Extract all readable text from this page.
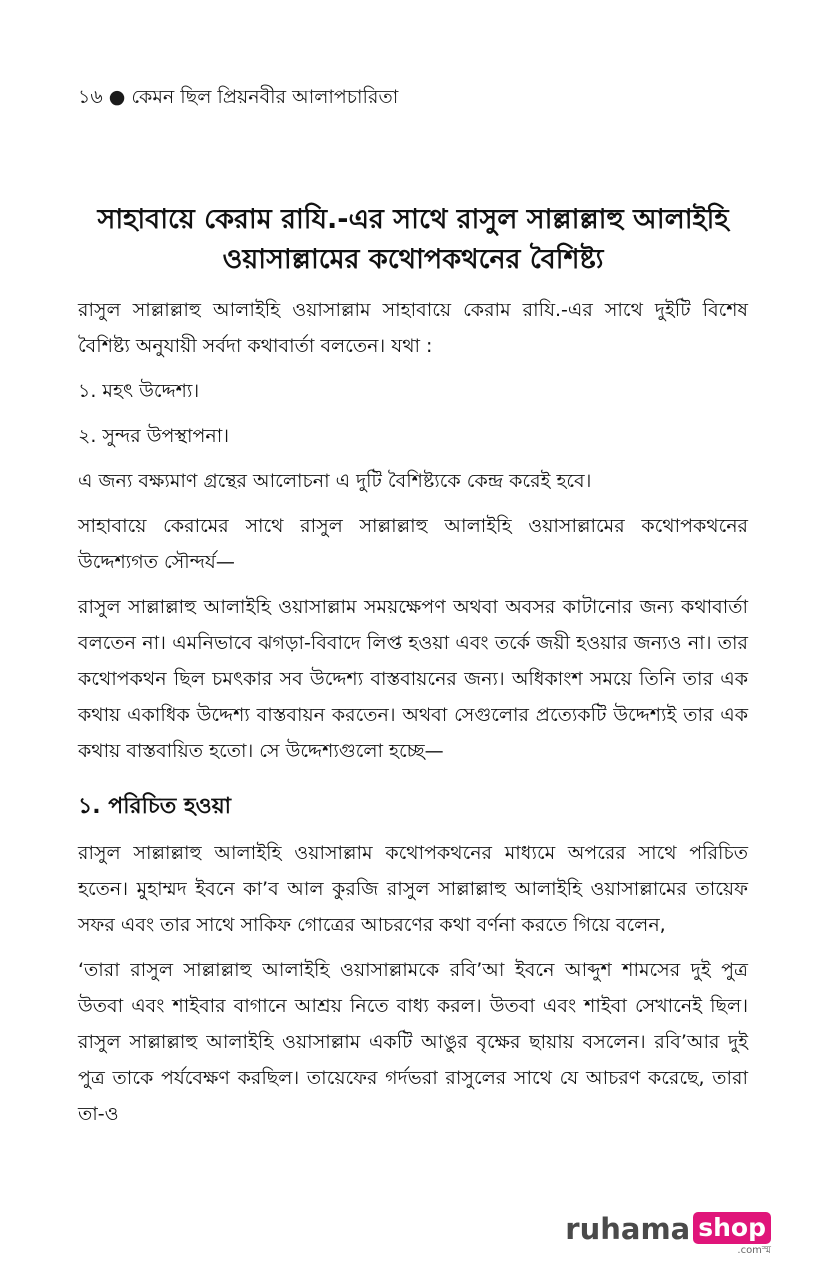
১৬ ● কেমন ছিল প্রিয়নবীর আলাপচারিতা
সাহাবায়ে কেরাম রাযি.-এর সাথে রাসুল সাল্লাল্লাহু আলাইহি
ওয়াসাল্লামের কথোপকথনের বৈশিষ্ট্য

রাসুল সাল্লাল্লাহু আলাইহি ওয়াসাল্লাম সাহাবায়ে কেরাম রাযি.-এর সাথে দুইটি বিশেষ বৈশিষ্ট্য অনুযায়ী সর্বদা কথাবার্তা বলতেন। যথা :

১. মহৎ উদ্দেশ্য।

২. সুন্দর উপস্থাপনা।

এ জন্য বক্ষ্যমাণ গ্রন্থের আলোচনা এ দুটি বৈশিষ্ট্যকে কেন্দ্র করেই হবে।

সাহাবায়ে কেরামের সাথে রাসুল সাল্লাল্লাহু আলাইহি ওয়াসাল্লামের কথোপকথনের উদ্দেশ্যগত সৌন্দর্য—

রাসুল সাল্লাল্লাহু আলাইহি ওয়াসাল্লাম সময়ক্ষেপণ অথবা অবসর কাটানোর জন্য কথাবার্তা বলতেন না। এমনিভাবে ঝগড়া-বিবাদে লিপ্ত হওয়া এবং তর্কে জয়ী হওয়ার জন্যও না। তার কথোপকথন ছিল চমৎকার সব উদ্দেশ্য বাস্তবায়নের জন্য। অধিকাংশ সময়ে তিনি তার এক কথায় একাধিক উদ্দেশ্য বাস্তবায়ন করতেন। অথবা সেগুলোর প্রত্যেকটি উদ্দেশ্যই তার এক কথায় বাস্তবায়িত হতো। সে উদ্দেশ্যগুলো হচ্ছে—

১. পরিচিত হওয়া

রাসুল সাল্লাল্লাহু আলাইহি ওয়াসাল্লাম কথোপকথনের মাধ্যমে অপরের সাথে পরিচিত হতেন। মুহাম্মদ ইবনে কা’ব আল কুরজি রাসুল সাল্লাল্লাহু আলাইহি ওয়াসাল্লামের তায়েফ সফর এবং তার সাথে সাকিফ গোত্রের আচরণের কথা বর্ণনা করতে গিয়ে বলেন,

‘তারা রাসুল সাল্লাল্লাহু আলাইহি ওয়াসাল্লামকে রবি’আ ইবনে আব্দুশ শামসের দুই পুত্র উতবা এবং শাইবার বাগানে আশ্রয় নিতে বাধ্য করল। উতবা এবং শাইবা সেখানেই ছিল। রাসুল সাল্লাল্লাহু আলাইহি ওয়াসাল্লাম একটি আঙুর বৃক্ষের ছায়ায় বসলেন। রবি’আর দুই পুত্র তাকে পর্যবেক্ষণ করছিল। তায়েফের গর্দভরা রাসুলের সাথে যে আচরণ করেছে, তারা তা-ও

ruhama shop
.comস্ম
